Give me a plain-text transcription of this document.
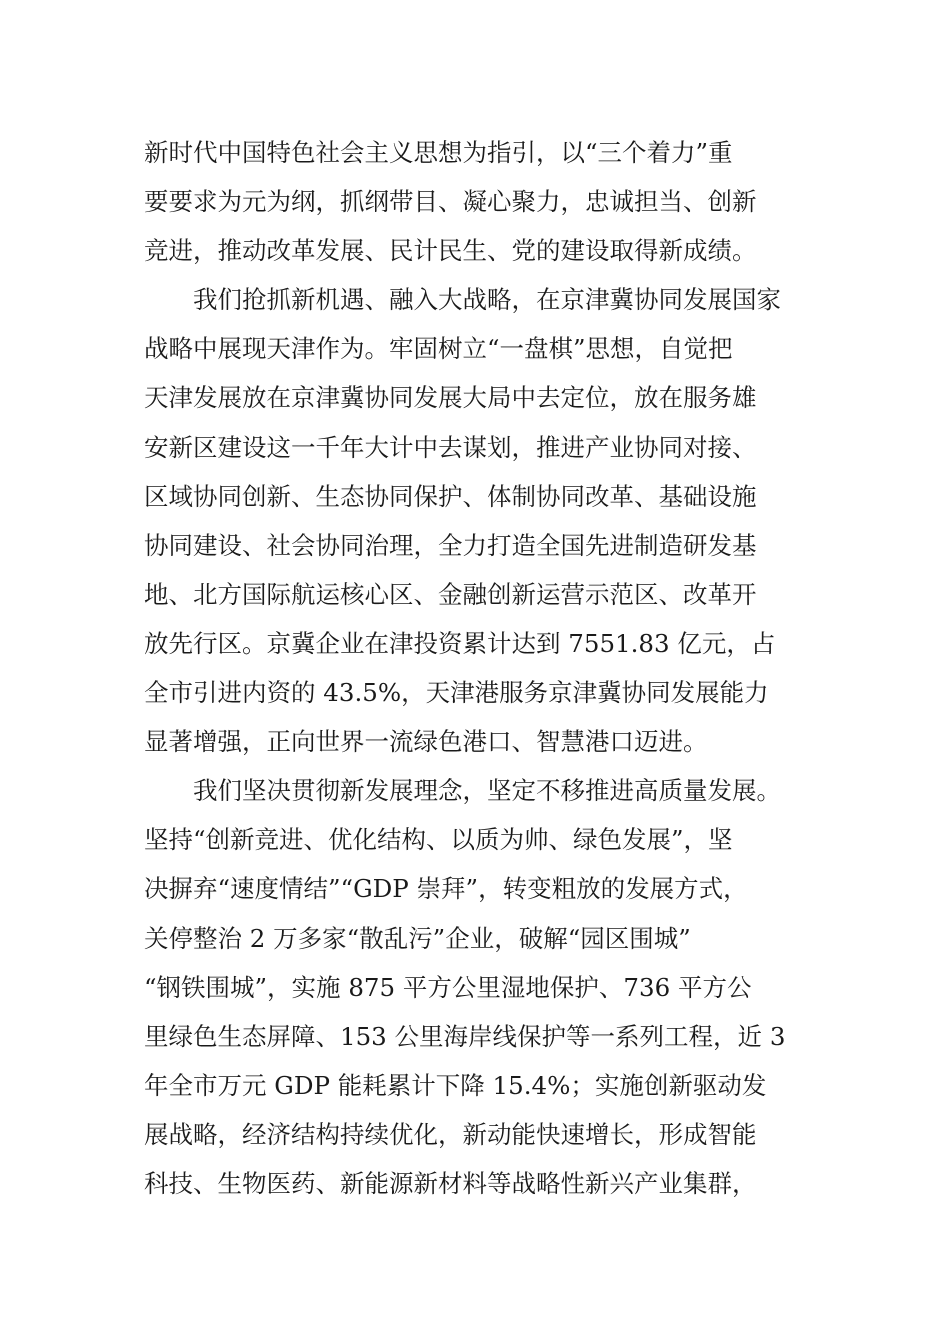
新时代中国特色社会主义思想为指引，以“三个着力”重
要要求为元为纲，抓纲带目、凝心聚力，忠诚担当、创新
竞进，推动改革发展、民计民生、党的建设取得新成绩。
　　我们抢抓新机遇、融入大战略，在京津冀协同发展国家
战略中展现天津作为。牢固树立“一盘棋”思想，自觉把
天津发展放在京津冀协同发展大局中去定位，放在服务雄
安新区建设这一千年大计中去谋划，推进产业协同对接、
区域协同创新、生态协同保护、体制协同改革、基础设施
协同建设、社会协同治理，全力打造全国先进制造研发基
地、北方国际航运核心区、金融创新运营示范区、改革开
放先行区。京冀企业在津投资累计达到 7551.83 亿元，占
全市引进内资的 43.5%，天津港服务京津冀协同发展能力
显著增强，正向世界一流绿色港口、智慧港口迈进。
　　我们坚决贯彻新发展理念，坚定不移推进高质量发展。
坚持“创新竞进、优化结构、以质为帅、绿色发展”，坚
决摒弃“速度情结”“GDP 崇拜”，转变粗放的发展方式，
关停整治 2 万多家“散乱污”企业，破解“园区围城”
“钢铁围城”，实施 875 平方公里湿地保护、736 平方公
里绿色生态屏障、153 公里海岸线保护等一系列工程，近 3
年全市万元 GDP 能耗累计下降 15.4%；实施创新驱动发
展战略，经济结构持续优化，新动能快速增长，形成智能
科技、生物医药、新能源新材料等战略性新兴产业集群，
